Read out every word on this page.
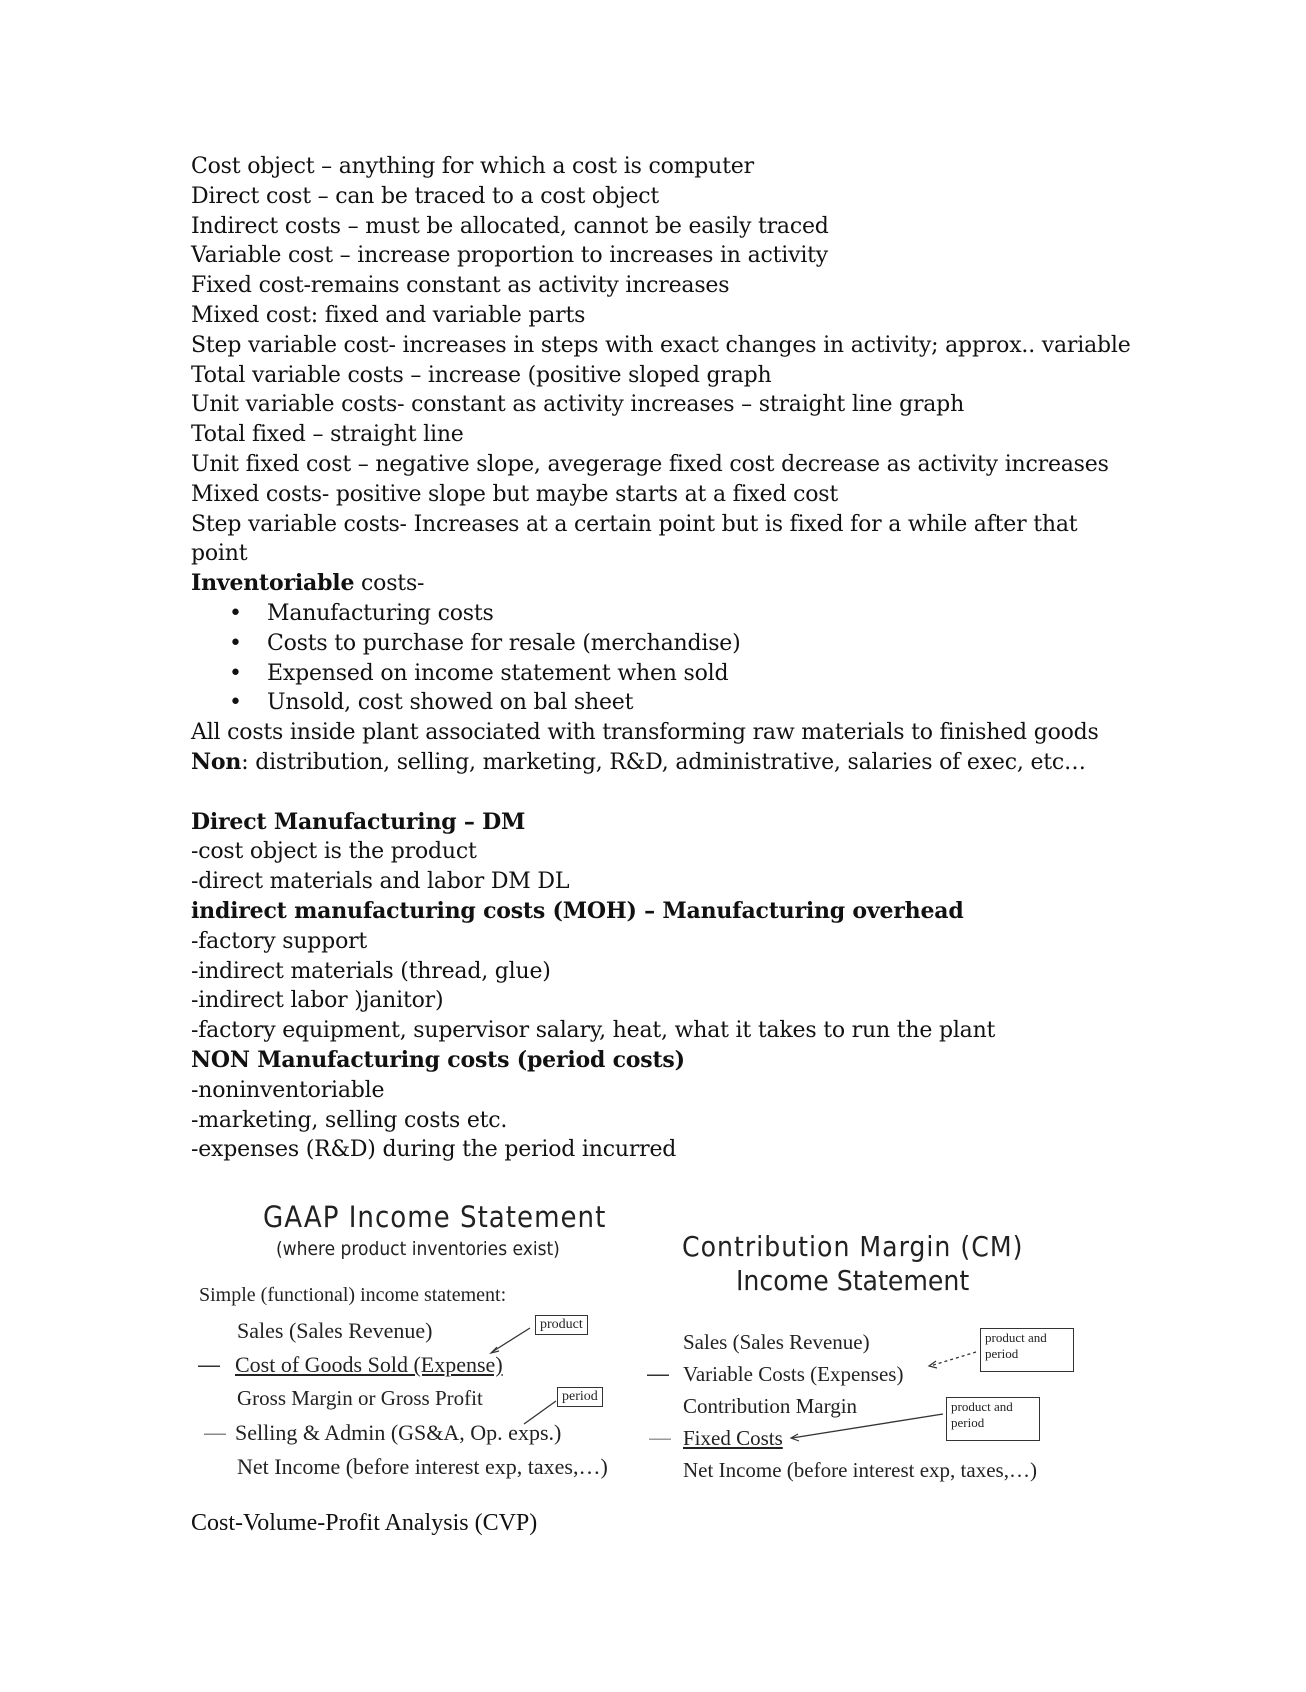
Cost object – anything for which a cost is computer
Direct cost – can be traced to a cost object
Indirect costs – must be allocated, cannot be easily traced
Variable cost – increase proportion to increases in activity
Fixed cost-remains constant as activity increases
Mixed cost: fixed and variable parts
Step variable cost- increases in steps with exact changes in activity; approx.. variable
Total variable costs – increase (positive sloped graph
Unit variable costs- constant as activity increases – straight line graph
Total fixed – straight line
Unit fixed cost – negative slope, avegerage fixed cost decrease as activity increases
Mixed costs- positive slope but maybe starts at a fixed cost
Step variable costs- Increases at a certain point but is fixed for a while after that point
Inventoriable costs-
• Manufacturing costs
• Costs to purchase for resale (merchandise)
• Expensed on income statement when sold
• Unsold, cost showed on bal sheet
All costs inside plant associated with transforming raw materials to finished goods
Non: distribution, selling, marketing, R&D, administrative, salaries of exec, etc…
Direct Manufacturing – DM
-cost object is the product
-direct materials and labor DM DL
indirect manufacturing costs (MOH) – Manufacturing overhead
-factory support
-indirect materials (thread, glue)
-indirect labor )janitor)
-factory equipment, supervisor salary, heat, what it takes to run the plant
NON Manufacturing costs (period costs)
-noninventoriable
-marketing, selling costs etc.
-expenses (R&D) during the period incurred
GAAP Income Statement
(where product inventories exist)
Simple (functional) income statement:
Sales (Sales Revenue)
— Cost of Goods Sold (Expense)
Gross Margin or Gross Profit
— Selling & Admin (GS&A, Op. exps.)
Net Income (before interest exp, taxes,…)
product
period
Contribution Margin (CM)
Income Statement
Sales (Sales Revenue)
— Variable Costs (Expenses)
Contribution Margin
— Fixed Costs
Net Income (before interest exp, taxes,…)
product and
period
product and
period
Cost-Volume-Profit Analysis (CVP)
